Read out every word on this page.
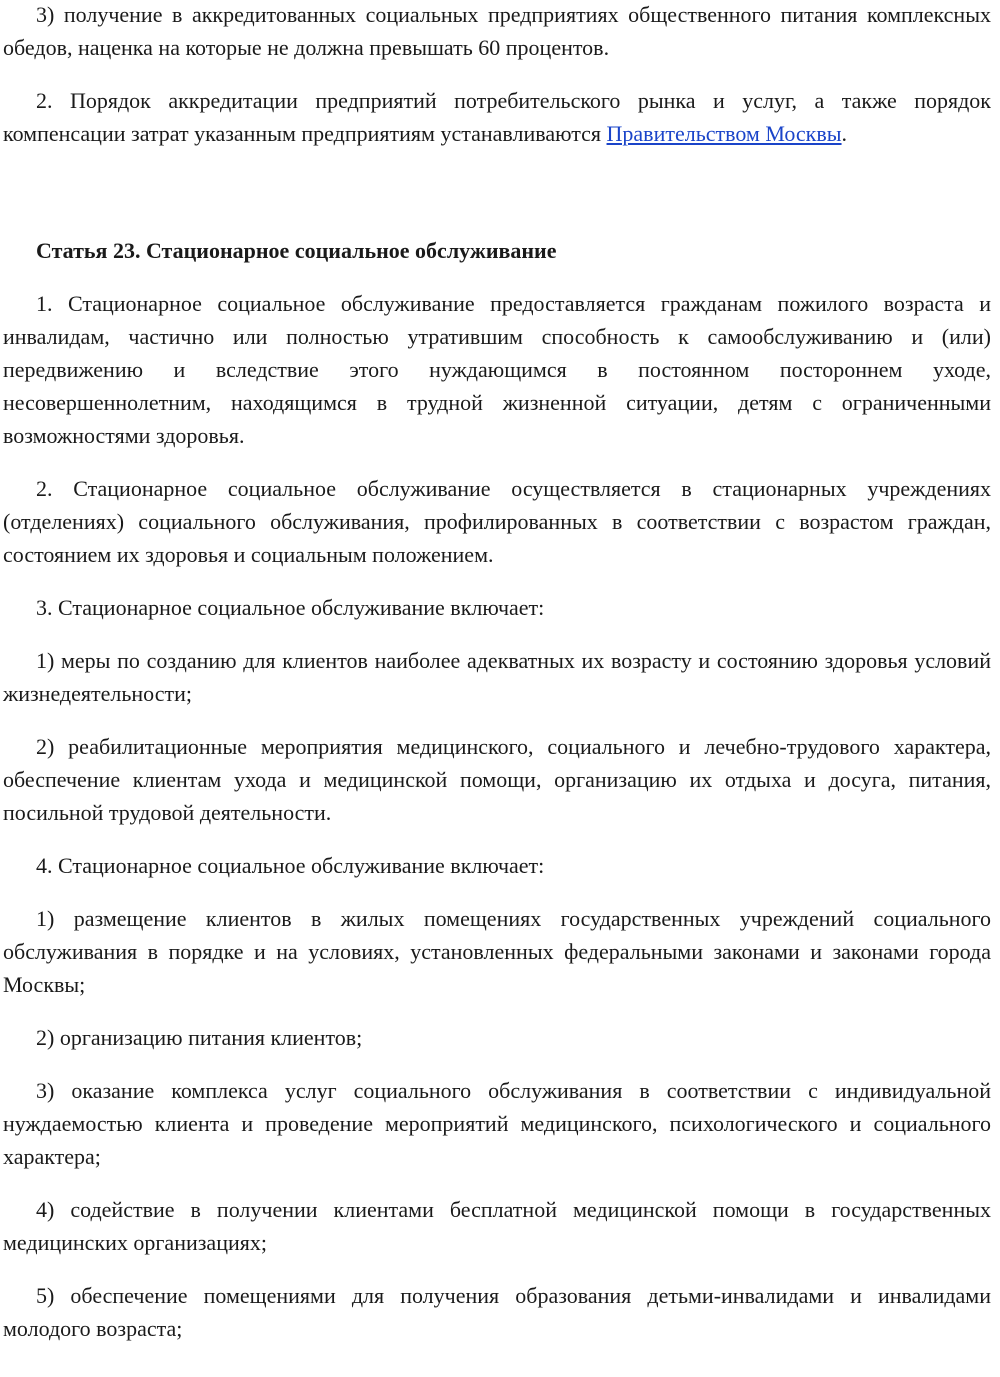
3) получение в аккредитованных социальных предприятиях общественного питания комплексных обедов, наценка на которые не должна превышать 60 процентов.

2. Порядок аккредитации предприятий потребительского рынка и услуг, а также порядок компенсации затрат указанным предприятиям устанавливаются Правительством Москвы.

Статья 23. Стационарное социальное обслуживание

1. Стационарное социальное обслуживание предоставляется гражданам пожилого возраста и инвалидам, частично или полностью утратившим способность к самообслуживанию и (или) передвижению и вследствие этого нуждающимся в постоянном постороннем уходе, несовершеннолетним, находящимся в трудной жизненной ситуации, детям с ограниченными возможностями здоровья.

2. Стационарное социальное обслуживание осуществляется в стационарных учреждениях (отделениях) социального обслуживания, профилированных в соответствии с возрастом граждан, состоянием их здоровья и социальным положением.

3. Стационарное социальное обслуживание включает:

1) меры по созданию для клиентов наиболее адекватных их возрасту и состоянию здоровья условий жизнедеятельности;

2) реабилитационные мероприятия медицинского, социального и лечебно-трудового характера, обеспечение клиентам ухода и медицинской помощи, организацию их отдыха и досуга, питания, посильной трудовой деятельности.

4. Стационарное социальное обслуживание включает:

1) размещение клиентов в жилых помещениях государственных учреждений социального обслуживания в порядке и на условиях, установленных федеральными законами и законами города Москвы;

2) организацию питания клиентов;

3) оказание комплекса услуг социального обслуживания в соответствии с индивидуальной нуждаемостью клиента и проведение мероприятий медицинского, психологического и социального характера;

4) содействие в получении клиентами бесплатной медицинской помощи в государственных медицинских организациях;

5) обеспечение помещениями для получения образования детьми-инвалидами и инвалидами молодого возраста;
